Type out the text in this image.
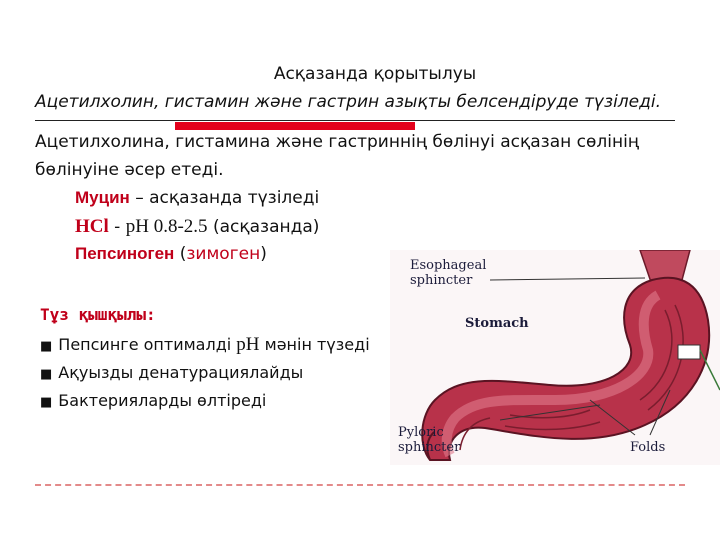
Асқазанда қорытылуы
Ацетилхолин, гистамин және гастрин азықты белсендіруде түзіледі.
Ацетилхолина, гистамина жәнe гастриннің бөлінуі асқазан сөлінің бөлінуіне әсер етеді.
Муцин – асқазанда түзіледі
HCl - pH 0.8-2.5 (асқазанда)
Пепсиноген (зимоген)
Тұз қышқылы:
■ Пепсинге оптималді pH мәнін түзеді
■ Ақуызды денатурациялайды
■ Бактерияларды өлтіреді
Esophageal
sphincter
Stomach
Pyloric
sphincter	Folds
